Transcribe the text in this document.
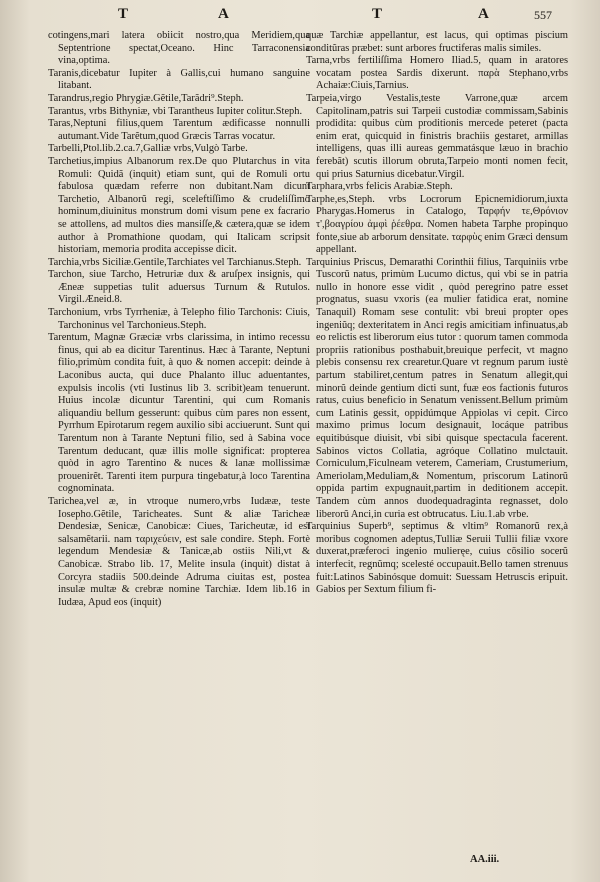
T	A	T	A	557

cotingens,mari latera obiicit nostro,qua Meridiem,qua Septentrione spectat,Oceano. Hinc Tarraconensia vina,optima.

Taranis,dicebatur Iupiter à Gallis,cui humano sanguine litabant.

Tarandrus,regio Phrygiæ.Gẽtile,Tarãdri⁹.Steph.

Tarantus, vrbs Bithyniæ, vbi Tarantheus Iupiter colitur.Steph.

Taras,Neptuni filius,quem Tarentum ædificasse nonnulli autumant.Vide Tarẽtum,quod Græcis Tarras vocatur.

Tarbelli,Ptol.lib.2.ca.7,Galliæ vrbs,Vulgò Tarbe.

Tarchetius,impius Albanorum rex.De quo Plutarchus in vita Romuli: Quidã (inquit) etiam sunt, qui de Romuli ortu fabulosa quædam referre non dubitant.Nam dicunt Tarchetio, Albanorũ regi, sceleftiſſimo & crudeliſſimo hominum,diuinitus monstrum domi visum pene ex facrario se attollens, ad multos dies mansiſſe,& cætera,quæ se idem author à Promathione quodam, qui Italicam scripsit historiam, memoria prodita accepisse dicit.

Tarchia,vrbs Siciliæ.Gentile,Tarchiates vel Tarchianus.Steph.

Tarchon, siue Tarcho, Hetruriæ dux & aruſpex insignis, qui Æneæ suppetias tulit aduersus Turnum & Rutulos. Virgil.Æneid.8.

Tarchonium, vrbs Tyrrheniæ, à Telepho filio Tarchonis: Ciuis, Tarchoninus vel Tarchonieus.Steph.

Tarentum, Magnæ Græciæ vrbs clarissima, in intimo recessu finus, qui ab ea dicitur Tarentinus. Hæc à Tarante, Neptuni filio,primùm condita fuit, à quo & nomen accepit: deinde à Laconibus aucta, qui duce Phalanto illuc aduentantes, expulsis incolis (vti Iustinus lib 3. scribit)eam tenuerunt. Huius incolæ dicuntur Tarentini, qui cum Romanis aliquandiu bellum gesserunt: quibus cùm pares non essent, Pyrrhum Epirotarum regem auxilio sibi acciuerunt. Sunt qui Tarentum non à Tarante Neptuni filio, sed à Sabina voce Tarentum deducant, quæ illis molle significat: propterea quòd in agro Tarentino & nuces & lanæ mollissimæ prouenirẽt. Tarenti item purpura tingebatur,à loco Tarentina cognominata.

Tarichea,vel æ, in vtroque numero,vrbs Iudææ, teste Iosepho.Gẽtile, Taricheates. Sunt & aliæ Taricheæ Dendesiæ, Senicæ, Canobicæ: Ciues, Taricheutæ, id est salsamẽtarii. nam ταριχεύειν, est sale condire. Steph. Fortè legendum Mendesiæ & Tanicæ,ab ostiis Nili,vt & Canobicæ. Strabo lib. 17, Melite insula (inquit) distat à Corcyra stadiis 500.deinde Adruma ciuitas est, postea insulæ multæ & crebræ nomine Tarchiæ. Idem lib.16 in Iudæa, Apud eos (inquit)

quæ Tarchiæ appellantur, est lacus, qui optimas piscium conditũras præbet: sunt arbores fructiferas malis similes.

Tarna,vrbs fertiliſſima Homero Iliad.5, quam in aratores vocatam postea Sardis dixerunt. παρὰ Stephano,vrbs Achaiæ:Ciuis,Tarnius.

Tarpeia,virgo Vestalis,teste Varrone,quæ arcem Capitolinam,patris sui Tarpeii custodiæ commissam,Sabinis prodidita: quibus cùm proditionis mercede peteret (pacta enim erat, quicquid in finistris brachiis gestaret, armillas intelligens, quas illi aureas gemmatásque læuo in brachio ferebãt) scutis illorum obruta,Tarpeio monti nomen fecit, qui prius Saturnius dicebatur.Virgil.

Tarphara,vrbs felicis Arabiæ.Steph.

Tarphe,es,Steph. vrbs Locrorum Epicnemidiorum,iuxta Pharygas.Homerus in Catalogo, Ταρφήν τε,Θρόνιον τ',βοαγρίου ἀμφὶ ῥέεθρα. Nomen habeta Tarphe propinquo fonte,siue ab arborum densitate. ταρφὺς enim Græci densum appellant.

Tarquinius Priscus, Demarathi Corinthii filius, Tarquiniis vrbe Tuscorũ natus, primùm Lucumo dictus, qui vbi se in patria nullo in honore esse vidit , quòd peregrino patre esset prognatus, suasu vxoris (ea mulier fatidica erat, nomine Tanaquil) Romam sese contulit: vbi breui propter opes ingeniũq; dexteritatem in Anci regis amicitiam infinuatus,ab eo relictis est liberorum eius tutor : quorum tamen commoda propriis rationibus posthabuit,breuique perfecit, vt magno plebis consensu rex crearetur.Quare vt regnum parum iustè partum stabiliret,centum patres in Senatum allegit,qui minorũ deinde gentium dicti sunt, fuæ eos factionis futuros ratus, cuius beneficio in Senatum venissent.Bellum primùm cum Latinis gessit, oppidúmque Appiolas vi cepit. Circo maximo primus locum designauit, locáque patribus equitibúsque diuisit, vbi sibi quisque spectacula facerent. Sabinos victos Collatia, agróque Collatino mulctauit. Corniculum,Ficulneam veterem, Cameriam, Crustumerium, Ameriolam,Meduliam,& Nomentum, priscorum Latinorũ oppida partim expugnauit,partim in deditionem accepit. Tandem cùm annos duodequadraginta regnasset, dolo liberorũ Anci,in curia est obtrucatus. Liu.1.ab vrbe.

Tarquinius Superb⁹, septimus & vltim⁹ Romanorũ rex,à moribus cognomen adeptus,Tulliæ Seruii Tullii filiæ vxore duxerat,præferoci ingenio mulieręe, cuius cõsilio socerũ interfecit, regnũmq; scelesté occupauit.Bello tamen strenuus fuit:Latinos Sabinósque domuit: Suessam Hetruscis eripuit. Gabios per Sextum filium fi-

AA.iii.
